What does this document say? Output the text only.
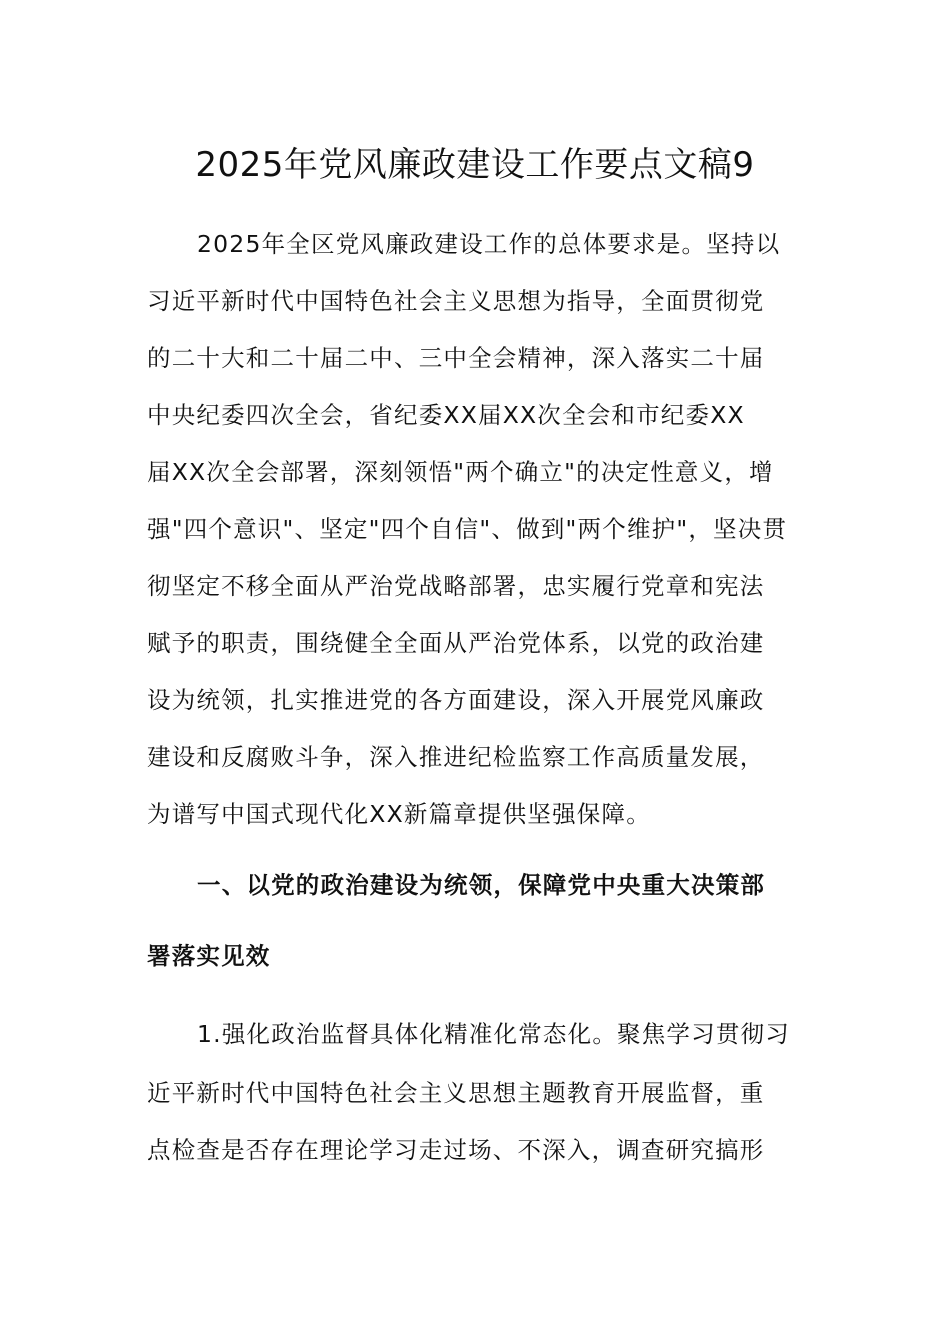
2025年党风廉政建设工作要点文稿9
2025年全区党风廉政建设工作的总体要求是。坚持以
习近平新时代中国特色社会主义思想为指导，全面贯彻党
的二十大和二十届二中、三中全会精神，深入落实二十届
中央纪委四次全会，省纪委XX届XX次全会和市纪委XX
届XX次全会部署，深刻领悟"两个确立"的决定性意义，增
强"四个意识"、坚定"四个自信"、做到"两个维护"，坚决贯
彻坚定不移全面从严治党战略部署，忠实履行党章和宪法
赋予的职责，围绕健全全面从严治党体系，以党的政治建
设为统领，扎实推进党的各方面建设，深入开展党风廉政
建设和反腐败斗争，深入推进纪检监察工作高质量发展，
为谱写中国式现代化XX新篇章提供坚强保障。
一、以党的政治建设为统领，保障党中央重大决策部
署落实见效
1.强化政治监督具体化精准化常态化。聚焦学习贯彻习
近平新时代中国特色社会主义思想主题教育开展监督，重
点检查是否存在理论学习走过场、不深入，调查研究搞形
